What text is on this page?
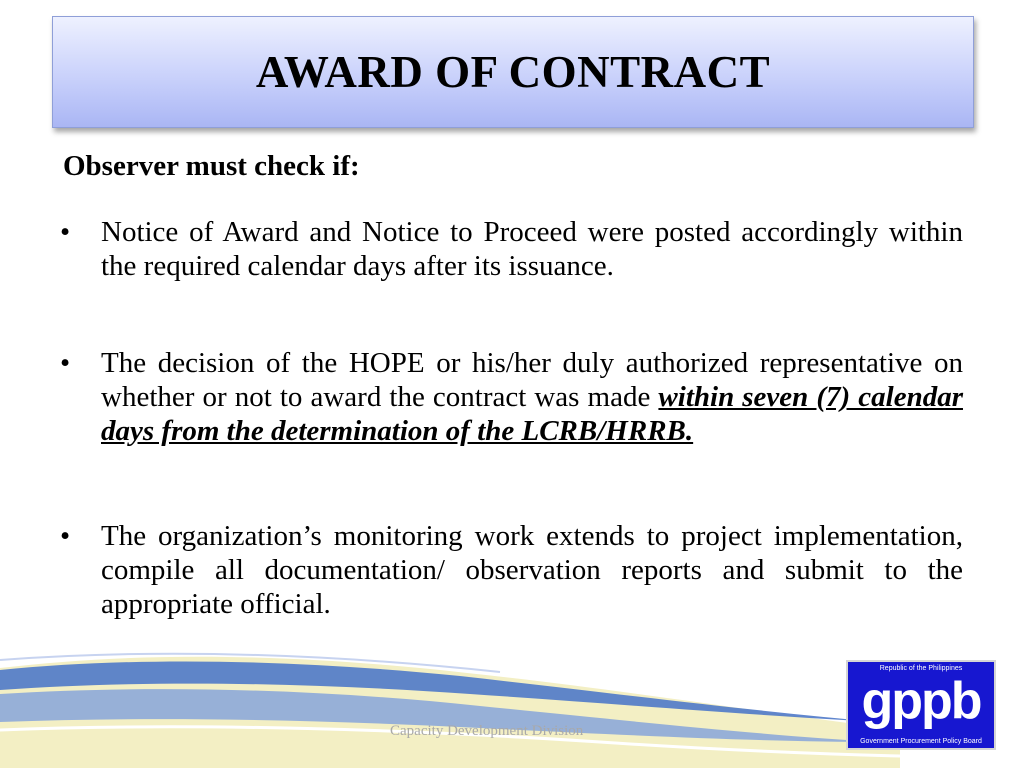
AWARD OF CONTRACT

Observer must check if:

• Notice of Award and Notice to Proceed were posted accordingly within the required calendar days after its issuance.
• The decision of the HOPE or his/her duly authorized representative on whether or not to award the contract was made within seven (7) calendar days from the determination of the LCRB/HRRB.
• The organization’s monitoring work extends to project implementation, compile all documentation/ observation reports and submit to the appropriate official.
Capacity Development Division
Republic of the Philippines
gppb
Government Procurement Policy Board
